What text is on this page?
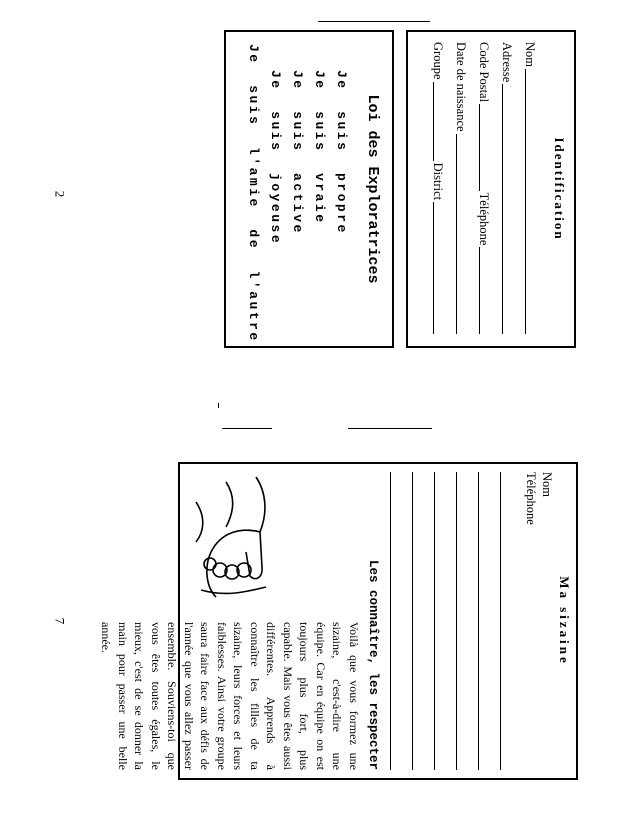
Identification
Nom
Adresse
Code Postal
Téléphone
Date de naissance
Groupe
District
Loi des Exploratrices
Je  suis  propre
Je  suis  vraie
Je  suis  active
Je  suis  joyeuse
Je  suis  l'amie  de  l'autre
2
7	Ma sizaine
Nom
Téléphone
Les connaître, les respecter
Voilà que vous formez une sizaine, c'est-à-dire une équipe. Car en équipe on est toujours plus fort, plus capable. Mais vous êtes aussi différentes. Apprends à connaître les filles de ta sizaine, leurs forces et leurs faiblesses. Ainsi votre groupe saura faire face aux défis de l'année que vous allez passer ensemble. Souviens-toi que vous êtes toutes égales, le mieux, c'est de se donner la main pour passer une belle année.
